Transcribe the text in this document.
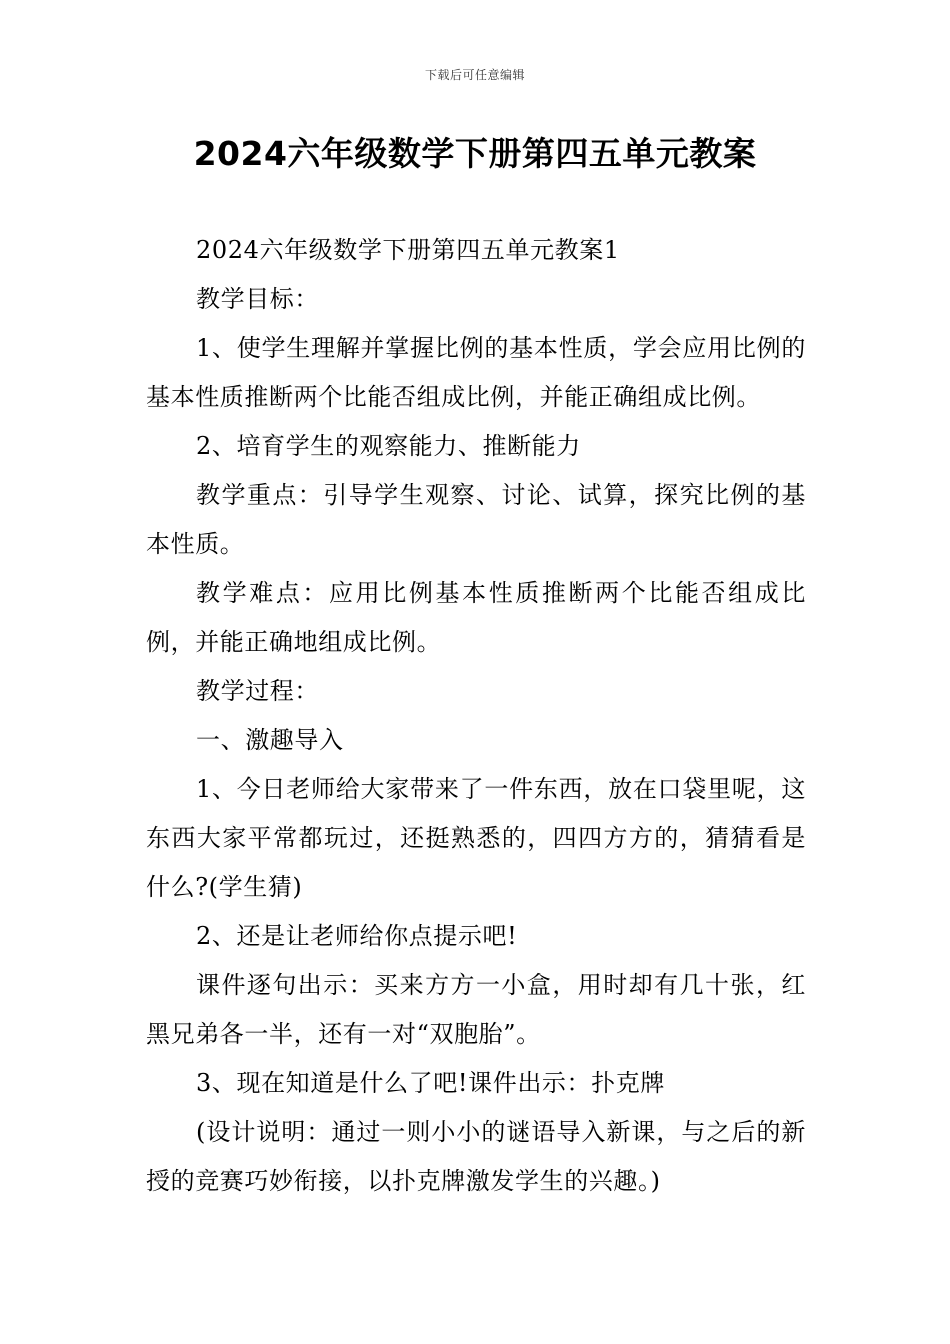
下载后可任意编辑
2024六年级数学下册第四五单元教案

2024六年级数学下册第四五单元教案1

教学目标：

1、使学生理解并掌握比例的基本性质，学会应用比例的基本性质推断两个比能否组成比例，并能正确组成比例。

2、培育学生的观察能力、推断能力

教学重点：引导学生观察、讨论、试算，探究比例的基本性质。

教学难点：应用比例基本性质推断两个比能否组成比例，并能正确地组成比例。

教学过程：

一、激趣导入

1、今日老师给大家带来了一件东西，放在口袋里呢，这东西大家平常都玩过，还挺熟悉的，四四方方的，猜猜看是什么?(学生猜)

2、还是让老师给你点提示吧!

课件逐句出示：买来方方一小盒，用时却有几十张，红黑兄弟各一半，还有一对“双胞胎”。

3、现在知道是什么了吧!课件出示：扑克牌

(设计说明：通过一则小小的谜语导入新课，与之后的新授的竞赛巧妙衔接，以扑克牌激发学生的兴趣。)
